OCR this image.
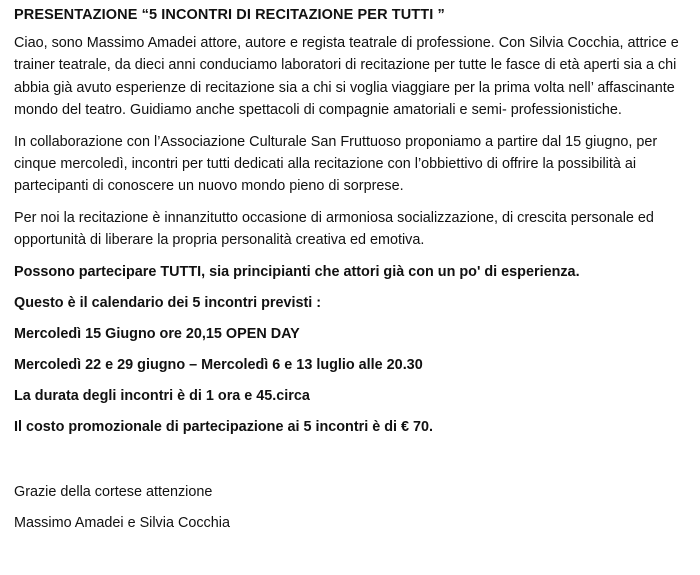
PRESENTAZIONE “5 INCONTRI DI RECITAZIONE PER TUTTI ”

Ciao, sono Massimo Amadei attore, autore e regista teatrale di professione. Con Silvia Cocchia, attrice e trainer teatrale, da dieci anni conduciamo laboratori di recitazione per tutte le fasce di età aperti sia a chi abbia già avuto esperienze di recitazione sia a chi si voglia viaggiare per la prima volta nell’ affascinante mondo del teatro. Guidiamo anche spettacoli di compagnie amatoriali e semi- professionistiche.

In collaborazione con l’Associazione Culturale San Fruttuoso proponiamo a partire dal 15 giugno, per cinque mercoledì, incontri per tutti dedicati alla recitazione con l’obbiettivo di offrire la possibilità ai partecipanti di conoscere un nuovo mondo pieno di sorprese.

Per noi la recitazione è innanzitutto occasione di armoniosa socializzazione, di crescita personale ed opportunità di liberare la propria personalità creativa ed emotiva.

Possono partecipare TUTTI, sia principianti che attori già con un po' di esperienza.

Questo è il calendario dei 5 incontri previsti :

Mercoledì 15 Giugno ore 20,15 OPEN DAY

Mercoledì 22 e 29 giugno – Mercoledì 6 e 13 luglio alle 20.30

La durata degli incontri è di 1 ora e 45.circa

Il costo promozionale di partecipazione ai 5 incontri è di € 70.

Grazie della cortese attenzione

Massimo Amadei e Silvia Cocchia
